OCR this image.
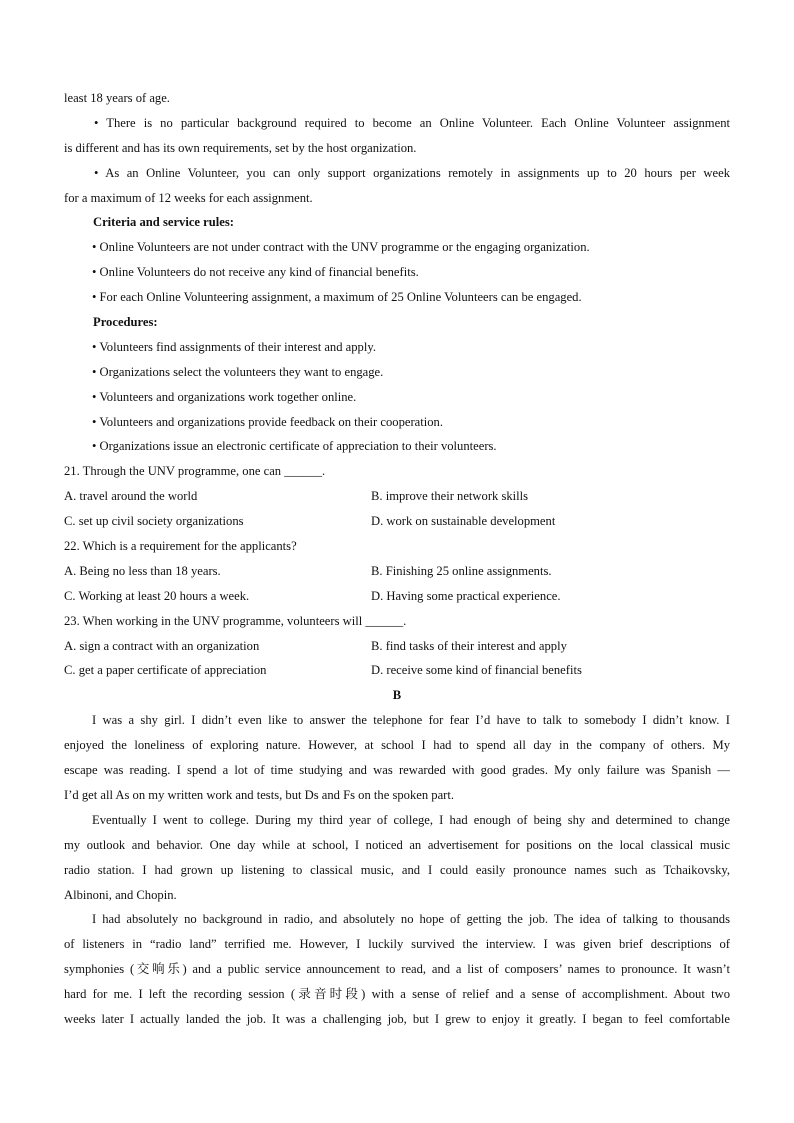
least 18 years of age.
• There is no particular background required to become an Online Volunteer. Each Online Volunteer assignment
is different and has its own requirements, set by the host organization.
• As an Online Volunteer, you can only support organizations remotely in assignments up to 20 hours per week
for a maximum of 12 weeks for each assignment.
Criteria and service rules:
• Online Volunteers are not under contract with the UNV programme or the engaging organization.
• Online Volunteers do not receive any kind of financial benefits.
• For each Online Volunteering assignment, a maximum of 25 Online Volunteers can be engaged.
Procedures:
• Volunteers find assignments of their interest and apply.
• Organizations select the volunteers they want to engage.
• Volunteers and organizations work together online.
• Volunteers and organizations provide feedback on their cooperation.
• Organizations issue an electronic certificate of appreciation to their volunteers.
21. Through the UNV programme, one can ______.
A. travel around the world	B. improve their network skills
C. set up civil society organizations	D. work on sustainable development
22. Which is a requirement for the applicants?
A. Being no less than 18 years.	B. Finishing 25 online assignments.
C. Working at least 20 hours a week.	D. Having some practical experience.
23. When working in the UNV programme, volunteers will ______.
A. sign a contract with an organization	B. find tasks of their interest and apply
C. get a paper certificate of appreciation	D. receive some kind of financial benefits
B
I was a shy girl. I didn’t even like to answer the telephone for fear I’d have to talk to somebody I didn’t know. I
enjoyed the loneliness of exploring nature. However, at school I had to spend all day in the company of others. My
escape was reading. I spend a lot of time studying and was rewarded with good grades. My only failure was Spanish —
I’d get all As on my written work and tests, but Ds and Fs on the spoken part.
Eventually I went to college. During my third year of college, I had enough of being shy and determined to change
my outlook and behavior. One day while at school, I noticed an advertisement for positions on the local classical music
radio station. I had grown up listening to classical music, and I could easily pronounce names such as Tchaikovsky,
Albinoni, and Chopin.
I had absolutely no background in radio, and absolutely no hope of getting the job. The idea of talking to thousands
of listeners in “radio land” terrified me. However, I luckily survived the interview. I was given brief descriptions of
symphonies (交响乐) and a public service announcement to read, and a list of composers’ names to pronounce. It wasn’t
hard for me. I left the recording session (录音时段) with a sense of relief and a sense of accomplishment. About two
weeks later I actually landed the job. It was a challenging job, but I grew to enjoy it greatly. I began to feel comfortable
